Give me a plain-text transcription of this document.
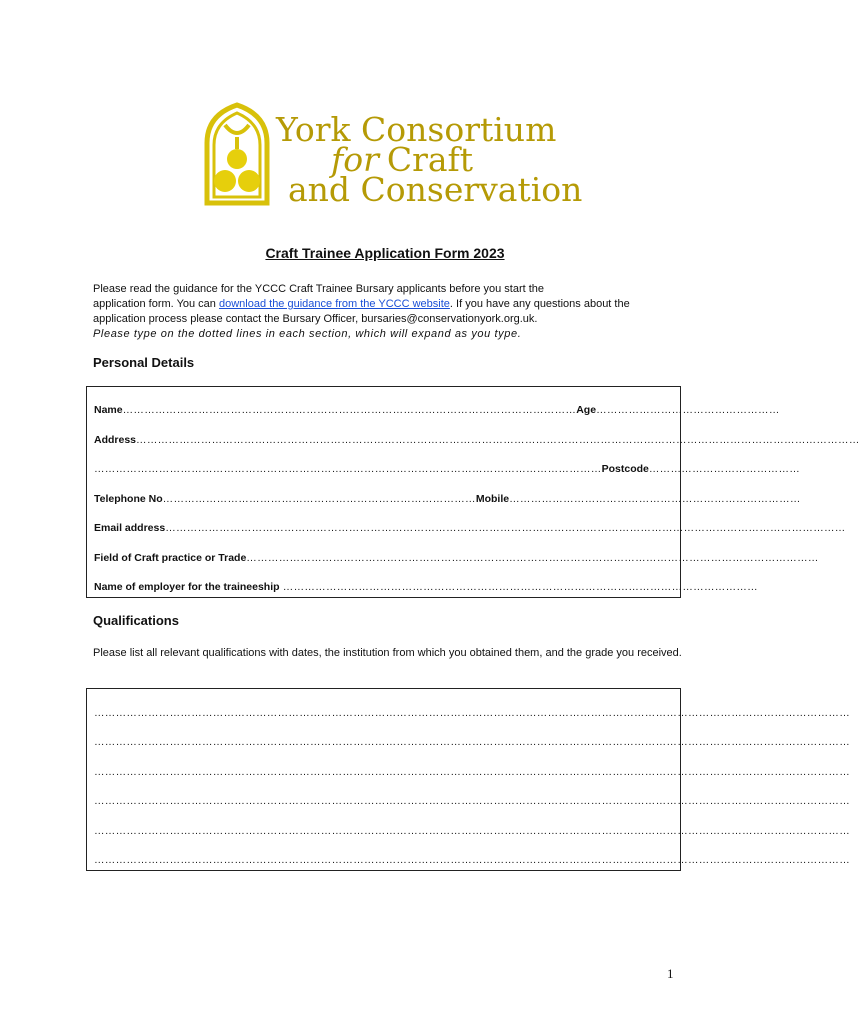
York Consortium
for Craft
and Conservation
Craft Trainee Application Form 2023

Please read the guidance for the YCCC Craft Trainee Bursary applicants before you start the

application form. You can download the guidance from the YCCC website. If you have any questions about the

application process please contact the Bursary Officer, bursaries@conservationyork.org.uk.

Please type on the dotted lines in each section, which will expand as you type.

Personal Details
Name………………………………………………………………………………………………………………Age……………………………………………
Address…………………………………………………………………………………………………………………………………………………………………………………
……………………………………………………………………………………………………………………………Postcode……………………………………
Telephone No……………………………………………………………………………Mobile………………………………………………………………………
Email address………………………………………………………………………………………………………………………………………………………………………
Field of Craft practice or Trade……………………………………………………………………………………………………………………………………………
Name of employer for the traineeship ……………………………………………………………………………………………………………………
Qualifications
Please list all relevant qualifications with dates, the institution from which you obtained them, and the grade you received.
…………………………………………………………………………………………………………………………………………………………………………………………
…………………………………………………………………………………………………………………………………………………………………………………………
…………………………………………………………………………………………………………………………………………………………………………………………
…………………………………………………………………………………………………………………………………………………………………………………………
…………………………………………………………………………………………………………………………………………………………………………………………
…………………………………………………………………………………………………………………………………………………………………………………………
1
